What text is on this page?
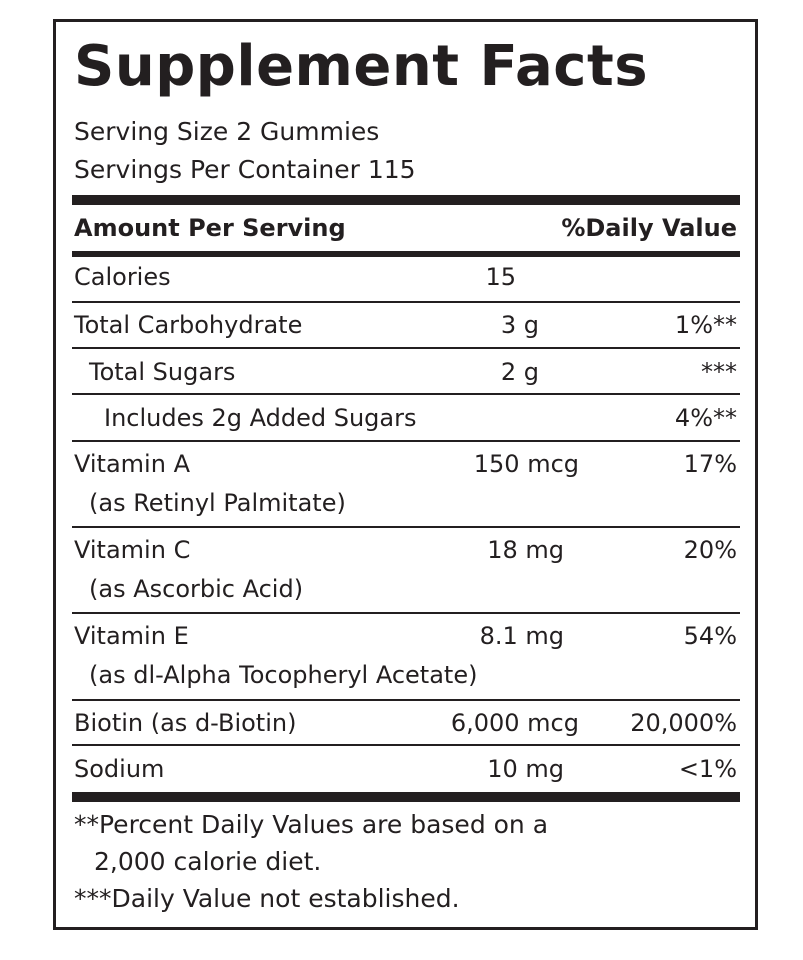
Supplement Facts
Serving Size 2 Gummies
Servings Per Container 115
Amount Per Serving	%Daily Value
Calories	15
Total Carbohydrate	3 g	1%**
Total Sugars	2 g	***
Includes 2g Added Sugars	4%**
Vitamin A
(as Retinyl Palmitate)
150 mcg	17%
Vitamin C
(as Ascorbic Acid)
18 mg	20%
Vitamin E
(as dl-Alpha Tocopheryl Acetate)
8.1 mg	54%
Biotin (as d-Biotin)	6,000 mcg	20,000%
Sodium	10 mg	<1%
**Percent Daily Values are based on a
2,000 calorie diet.
***Daily Value not established.
